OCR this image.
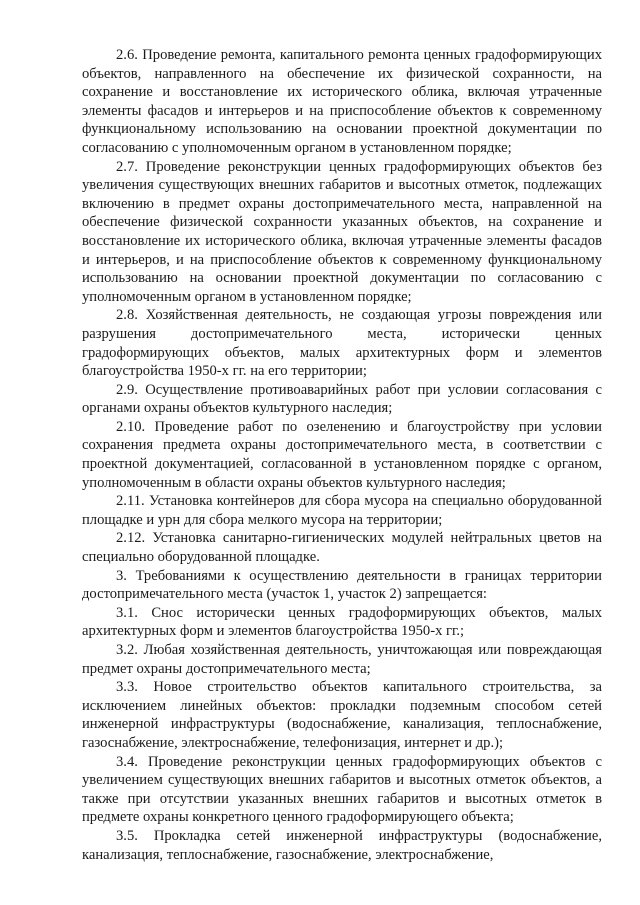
2.6. Проведение ремонта, капитального ремонта ценных градоформирующих объектов, направленного на обеспечение их физической сохранности, на сохранение и восстановление их исторического облика, включая утраченные элементы фасадов и интерьеров и на приспособление объектов к современному функциональному использованию на основании проектной документации по согласованию с уполномоченным органом в установленном порядке;

2.7. Проведение реконструкции ценных градоформирующих объектов без увеличения существующих внешних габаритов и высотных отметок, подлежащих включению в предмет охраны достопримечательного места, направленной на обеспечение физической сохранности указанных объектов, на сохранение и восстановление их исторического облика, включая утраченные элементы фасадов и интерьеров, и на приспособление объектов к современному функциональному использованию на основании проектной документации по согласованию с уполномоченным органом в установленном порядке;

2.8. Хозяйственная деятельность, не создающая угрозы повреждения или разрушения достопримечательного места, исторически ценных градоформирующих объектов, малых архитектурных форм и элементов благоустройства 1950-х гг. на его территории;

2.9. Осуществление противоаварийных работ при условии согласования с органами охраны объектов культурного наследия;

2.10. Проведение работ по озеленению и благоустройству при условии сохранения предмета охраны достопримечательного места, в соответствии с проектной документацией, согласованной в установленном порядке с органом, уполномоченным в области охраны объектов культурного наследия;

2.11. Установка контейнеров для сбора мусора на специально оборудованной площадке и урн для сбора мелкого мусора на территории;

2.12. Установка санитарно-гигиенических модулей нейтральных цветов на специально оборудованной площадке.

3. Требованиями к осуществлению деятельности в границах территории достопримечательного места (участок 1, участок 2) запрещается:

3.1. Снос исторически ценных градоформирующих объектов, малых архитектурных форм и элементов благоустройства 1950-х гг.;

3.2. Любая хозяйственная деятельность, уничтожающая или повреждающая предмет охраны достопримечательного места;

3.3. Новое строительство объектов капитального строительства, за исключением линейных объектов: прокладки подземным способом сетей инженерной инфраструктуры (водоснабжение, канализация, теплоснабжение, газоснабжение, электроснабжение, телефонизация, интернет и др.);

3.4. Проведение реконструкции ценных градоформирующих объектов с увеличением существующих внешних габаритов и высотных отметок объектов, а также при отсутствии указанных внешних габаритов и высотных отметок в предмете охраны конкретного ценного градоформирующего объекта;

3.5. Прокладка сетей инженерной инфраструктуры (водоснабжение, канализация, теплоснабжение, газоснабжение, электроснабжение,
